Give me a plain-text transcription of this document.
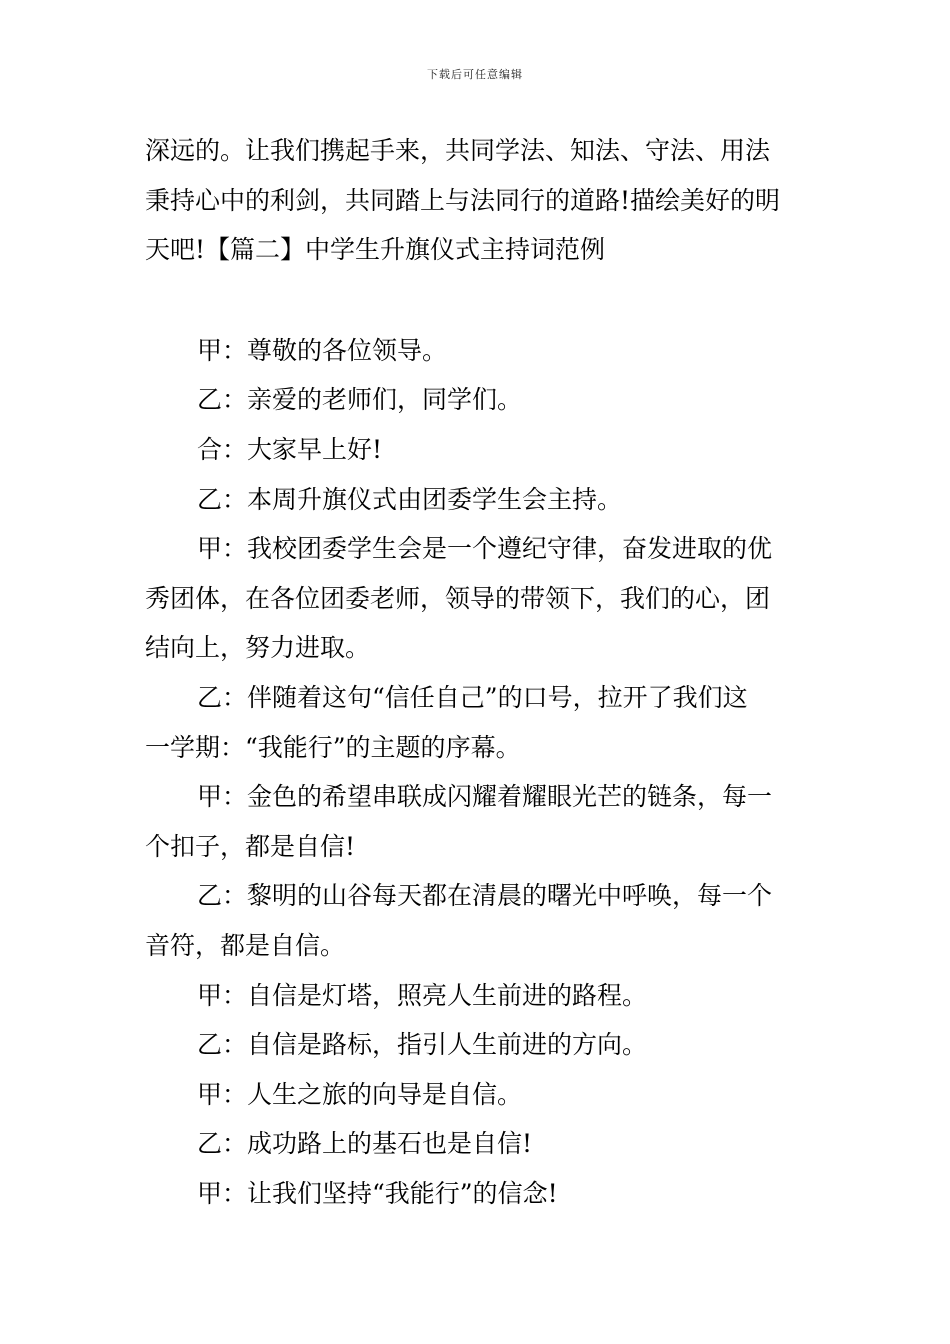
下载后可任意编辑

深远的。让我们携起手来，共同学法、知法、守法、用法

秉持心中的利剑，共同踏上与法同行的道路!描绘美好的明

天吧!【篇二】中学生升旗仪式主持词范例

甲：尊敬的各位领导。

乙：亲爱的老师们，同学们。

合：大家早上好!

乙：本周升旗仪式由团委学生会主持。

甲：我校团委学生会是一个遵纪守律，奋发进取的优

秀团体，在各位团委老师，领导的带领下，我们的心，团

结向上，努力进取。

乙：伴随着这句“信任自己”的口号，拉开了我们这

一学期：“我能行”的主题的序幕。

甲：金色的希望串联成闪耀着耀眼光芒的链条，每一

个扣子，都是自信!

乙：黎明的山谷每天都在清晨的曙光中呼唤，每一个

音符，都是自信。

甲：自信是灯塔，照亮人生前进的路程。

乙：自信是路标，指引人生前进的方向。

甲：人生之旅的向导是自信。

乙：成功路上的基石也是自信!

甲：让我们坚持“我能行”的信念!
